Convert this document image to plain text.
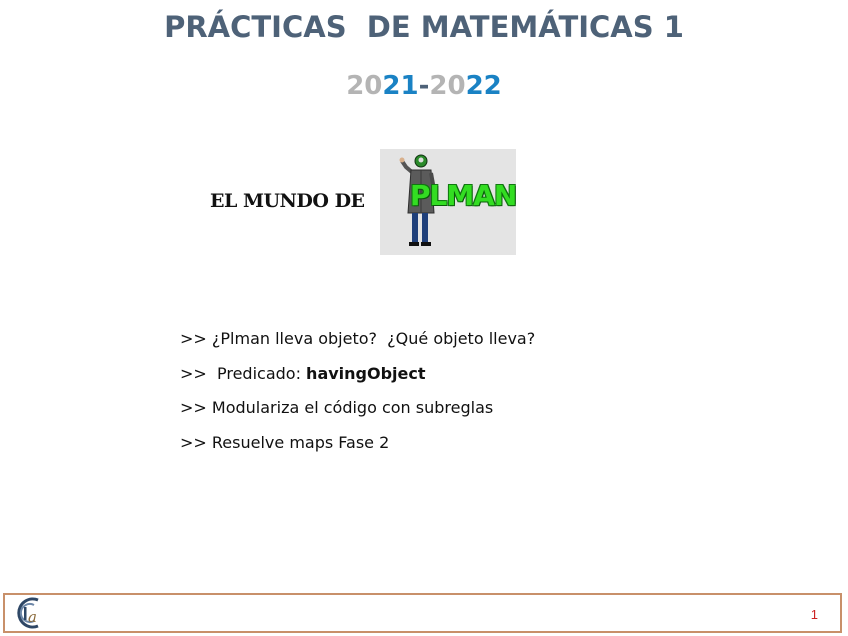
PRÁCTICAS  DE MATEMÁTICAS 1
2021-2022
EL MUNDO DE PLMAN
>> ¿Plman lleva objeto?  ¿Qué objeto lleva?
>>  Predicado: havingObject
>> Modulariza el código con subreglas
>> Resuelve maps Fase 2
a	1
